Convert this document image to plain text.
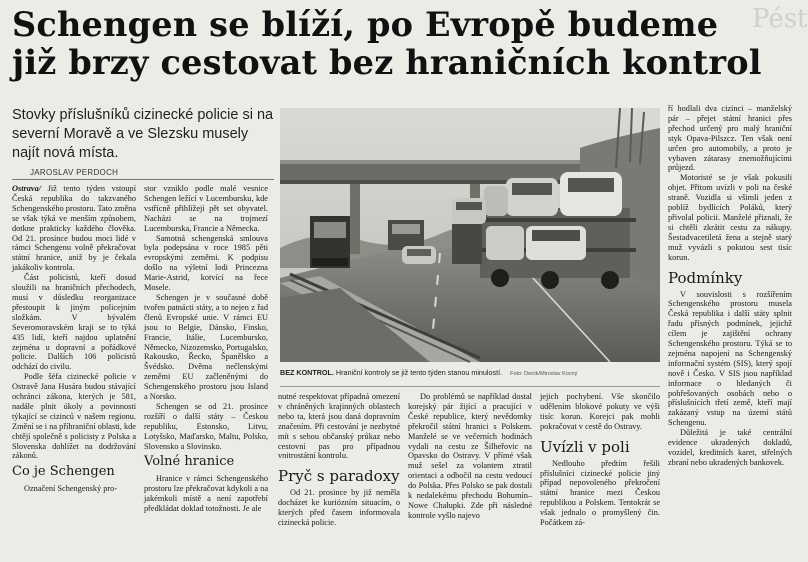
Pést
Schengen se blíží, po Evropě budeme již brzy cestovat bez hraničních kontrol
Stovky příslušníků cizinecké policie si na severní Moravě a ve Slezsku musely najít nová místa.
JAROSLAV PERDOCH

Ostrava/ Již tento týden vstoupí Česká republika do takzvaného Schengenského prostoru. Tato změna se však týká ve menším způsobem, dotkne prakticky každého člověka. Od 21. prosince budou moci lidé v rámci Schengenu volně překračovat státní hranice, aniž by je čekala jakákoliv kontrola.

Část policistů, kteří dosud sloužili na hraničních přechodech, musí v důsledku reorganizace přestoupit k jiným policejním složkám. V bývalém Severomoravském kraji se to týká 435 lidí, kteří najdou uplatnění zejména u dopravní a pořádkové policie. Dalších 106 policistů odchází do civilu.

Podle šéfa cizinecké policie v Ostravě Jana Husára budou stávající ochránci zákona, kterých je 581, nadále plnit úkoly a povinnosti týkající se cizinců v našem regionu. Změní se i na příhraniční oblasti, kde chtějí společně s policisty z Polska a Slovenska dohlížet na dodržování zákonů.

Co je Schengen

Označení Schengenský pro-

stor vzniklo podle malé vesnice Schengen ležící v Lucembursku, kde vstřícně přihlížejí pět set obyvatel. Nacházi se na trojmezí Lucemburska, Francie a Německa.

Samotná schengenská smlouva byla podepsána v roce 1985 pěti evropskými zeměmi. K podpisu došlo na výletní lodi Princezna Marie-Astrid, kotvící na řece Mosele.

Schengen je v současné době tvořen patnácti státy, a to nejen z řad členů Evropské unie. V rámci EU jsou to Belgie, Dánsko, Finsko, Francie, Itálie, Lucembursko, Německo, Nizozemsko, Portugalsko, Rakousko, Řecko, Španělsko a Švédsko. Dvěma nečlenskými zeměmi EU začleněnými do Schengenského prostoru jsou Island a Norsko.

Schengen se od 21. prosince rozšíří o další státy – Českou republiku, Estonsko, Litvu, Lotyšsko, Maďarsko, Maltu, Polsko, Slovensko a Slovinsko.

Volné hranice

Hranice v rámci Schengenského prostoru lze překračovat kdykoli a na jakémkoli místě a není zapotřebí předkládat doklad totožnosti. Je ale

BEZ KONTROL. Hraniční kontroly se již tento týden stanou minulostí. Foto: Deník/Miroslav Kocný

nutné respektovat případná omezení v chráněných krajinných oblastech nebo ta, která jsou daná dopravním značením. Při cestování je nezbytné mít s sebou občanský průkaz nebo cestovní pas pro případnou vnitrostátní kontrolu.

Pryč s paradoxy

Od 21. prosince by již neměla docházet ke kuriózním situacím, o kterých před časem informovala cizinecká policie.

Do problémů se například dostal korejský pár žijící a pracující v České republice, který nevědomky překročil státní hranici s Polskem. Manželé se ve večerních hodinách vydali na cestu ze Šilheřovic na Opavsko do Ostravy. V přímé však muž sešel za volantem ztratil orientaci a odbočil na cestu vedoucí do Polska. Přes Polsko se pak dostali k nedalekému přechodu Bohumín–Nowe Chałupki. Zde při následné kontrole vyšlo najevo

jejich pochybení. Vše skončilo udělením blokové pokuty ve výši tisíc korun. Korejci pak mohli pokračovat v cestě do Ostravy.

Uvízli v poli

Nedlouho předtím řešili příslušníci cizinecké policie jiný případ nepovoleného překročení státní hranice mezi Českou republikou a Polskem. Tentokrát se však jednalo o promyšlený čin. Počátkem zá-

ří hodlali dva cizinci – manželský pár – přejet státní hranici přes přechod určený pro malý hraniční styk Opava-Pilszcz. Ten však není určen pro automobily, a proto je vybaven zátarasy znemožňujícími průjezd.

Motoristé se je však pokusili objet. Přitom uvízli v poli na české straně. Vozidla si všimli jeden z poblíž bydlících Poláků, který přivolal policii. Manželé přiznali, že si chtěli zkrátit cestu za nákupy. Šestadvacetiletá žena a stejně starý muž vyvázli s pokutou sest tisíc korun.

Podmínky

V souvislosti s rozšířením Schengenského prostoru musela Česká republika i další státy splnit řadu přísných podmínek, jejichž cílem je zajištění ochrany Schengenského prostoru. Týká se to zejména napojení na Schengenský informační systém (SIS), který spojí nově i Česko. V SIS jsou například informace o hledaných či pohřešovaných osobách nebo o příslušnících třetí země, kteří mají zakázaný vstup na území států Schengenu.

Důležitá je také centrální evidence ukradených dokladů, vozidel, kreditních karet, střelných zbraní nebo ukradených bankovek.
